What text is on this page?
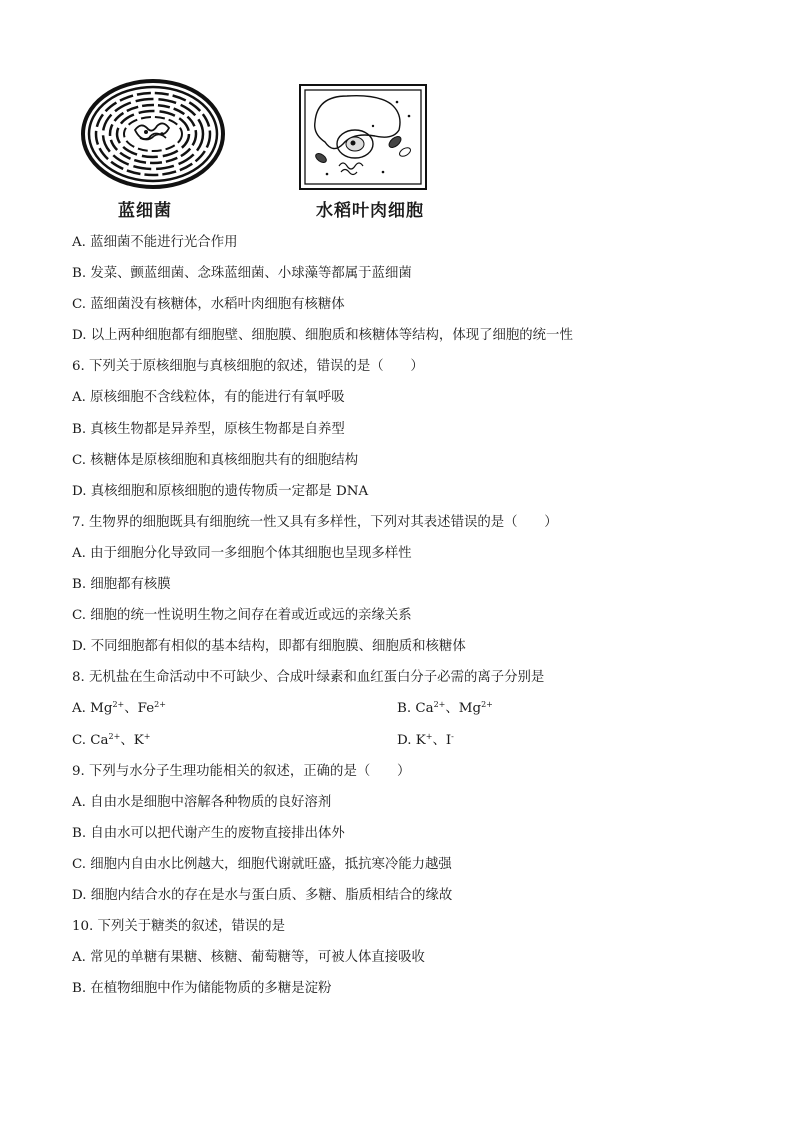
蓝细菌	水稻叶肉细胞
A. 蓝细菌不能进行光合作用
B. 发菜、颤蓝细菌、念珠蓝细菌、小球藻等都属于蓝细菌
C. 蓝细菌没有核糖体，水稻叶肉细胞有核糖体
D. 以上两种细胞都有细胞壁、细胞膜、细胞质和核糖体等结构，体现了细胞的统一性
6. 下列关于原核细胞与真核细胞的叙述，错误的是（　　）
A. 原核细胞不含线粒体，有的能进行有氧呼吸
B. 真核生物都是异养型，原核生物都是自养型
C. 核糖体是原核细胞和真核细胞共有的细胞结构
D. 真核细胞和原核细胞的遗传物质一定都是 DNA
7. 生物界的细胞既具有细胞统一性又具有多样性，下列对其表述错误的是（　　）
A. 由于细胞分化导致同一多细胞个体其细胞也呈现多样性
B. 细胞都有核膜
C. 细胞的统一性说明生物之间存在着或近或远的亲缘关系
D. 不同细胞都有相似的基本结构，即都有细胞膜、细胞质和核糖体
8. 无机盐在生命活动中不可缺少、合成叶绿素和血红蛋白分子必需的离子分别是
A. $Mg^{2+}$、$Fe^{2+}$	B. $Ca^{2+}$、$Mg^{2+}$
C. $Ca^{2+}$、K+	D. K+、I-
9. 下列与水分子生理功能相关的叙述，正确的是（　　）
A. 自由水是细胞中溶解各种物质的良好溶剂
B. 自由水可以把代谢产生的废物直接排出体外
C. 细胞内自由水比例越大，细胞代谢就旺盛，抵抗寒冷能力越强
D. 细胞内结合水的存在是水与蛋白质、多糖、脂质相结合的缘故
10. 下列关于糖类的叙述，错误的是
A. 常见的单糖有果糖、核糖、葡萄糖等，可被人体直接吸收
B. 在植物细胞中作为储能物质的多糖是淀粉
